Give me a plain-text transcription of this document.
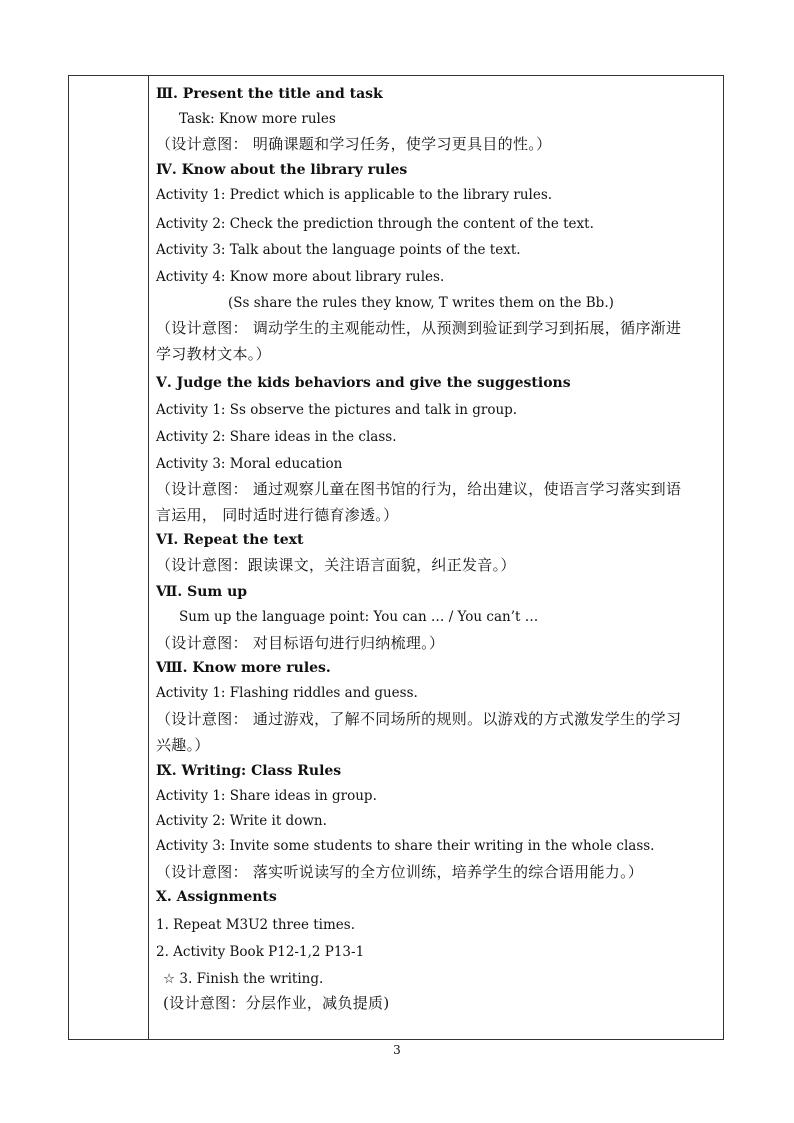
Ⅲ. Present the title and task
Task: Know more rules
（设计意图： 明确课题和学习任务，使学习更具目的性。）
Ⅳ. Know about the library rules
Activity 1: Predict which is applicable to the library rules.
Activity 2: Check the prediction through the content of the text.
Activity 3: Talk about the language points of the text.
Activity 4: Know more about library rules.
(Ss share the rules they know, T writes them on the Bb.)
（设计意图： 调动学生的主观能动性，从预测到验证到学习到拓展，循序渐进
学习教材文本。）
Ⅴ. Judge the kids behaviors and give the suggestions
Activity 1: Ss observe the pictures and talk in group.
Activity 2: Share ideas in the class.
Activity 3: Moral education
（设计意图： 通过观察儿童在图书馆的行为，给出建议，使语言学习落实到语
言运用， 同时适时进行德育渗透。）
VI. Repeat the text
（设计意图：跟读课文，关注语言面貌，纠正发音。）
Ⅶ. Sum up
Sum up the language point: You can … / You can’t …
（设计意图： 对目标语句进行归纳梳理。）
Ⅷ. Know more rules.
Activity 1: Flashing riddles and guess.
（设计意图： 通过游戏，了解不同场所的规则。以游戏的方式激发学生的学习
兴趣。）
Ⅸ. Writing: Class Rules
Activity 1: Share ideas in group.
Activity 2: Write it down.
Activity 3: Invite some students to share their writing in the whole class.
（设计意图： 落实听说读写的全方位训练，培养学生的综合语用能力。）
Ⅹ. Assignments
1. Repeat M3U2 three times.
2. Activity Book P12-1,2 P13-1
☆ 3. Finish the writing.
(设计意图：分层作业，减负提质)
3
